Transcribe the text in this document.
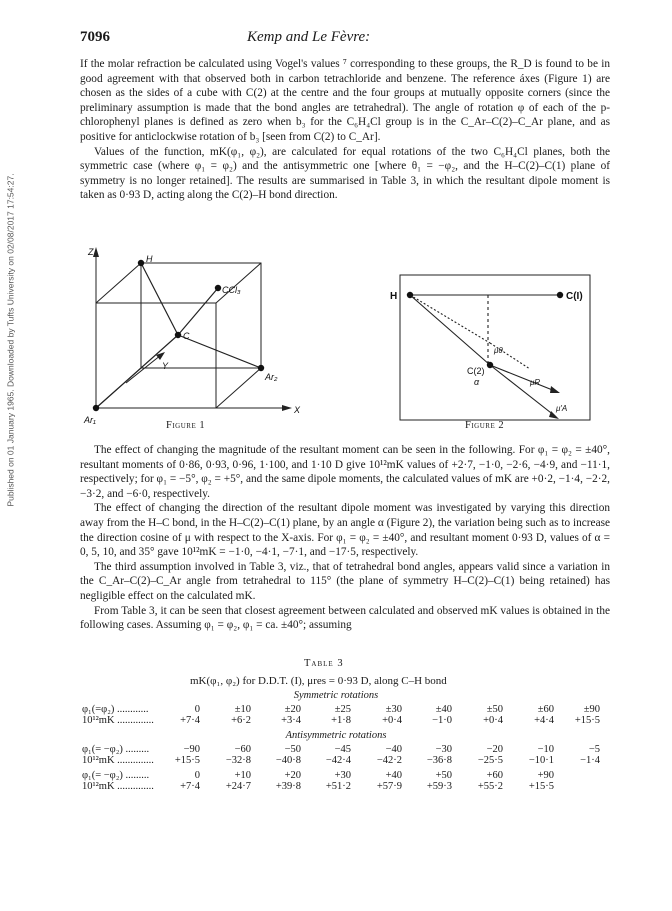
Published on 01 January 1965. Downloaded by Tufts University on 02/08/2017 17:54:27.
7096	Kemp and Le Fèvre:

If the molar refraction be calculated using Vogel's values ⁷ corresponding to these groups, the R_D is found to be in good agreement with that observed both in carbon tetrachloride and benzene. The reference áxes (Figure 1) are chosen as the sides of a cube with C(2) at the centre and the four groups at mutually opposite corners (since the preliminary assumption is made that the bond angles are tetrahedral). The angle of rotation φ of each of the p-chlorophenyl planes is defined as zero when b₃ for the C₆H₄Cl group is in the C_Ar–C(2)–C_Ar plane, and as positive for anticlockwise rotation of b₃ [seen from C(2) to C_Ar].

Values of the function, mK(φ₁, φ₂), are calculated for equal rotations of the two C₆H₄Cl planes, both the symmetric case (where φ₁ = φ₂) and the antisymmetric one [where θ₁ = −φ₂, and the H–C(2)–C(1) plane of symmetry is no longer retained]. The results are summarised in Table 3, in which the resultant dipole moment is taken as 0·93 D, acting along the C(2)–H bond direction.

Z
H
CCl₃
C
Y
Ar₂
Ar₁
X
Figure 1
H	C(I)
C(2)
α
μθ
μR
μ'A
Figure 2

The effect of changing the magnitude of the resultant moment can be seen in the following. For φ₁ = φ₂ = ±40°, resultant moments of 0·86, 0·93, 0·96, 1·100, and 1·10 D give 10¹²mK values of +2·7, −1·0, −2·6, −4·9, and −11·1, respectively; for φ₁ = −5°, φ₂ = +5°, and the same dipole moments, the calculated values of mK are +0·2, −1·4, −2·2, −3·2, and −6·0, respectively.

The effect of changing the direction of the resultant dipole moment was investigated by varying this direction away from the H–C bond, in the H–C(2)–C(1) plane, by an angle α (Figure 2), the variation being such as to increase the direction cosine of μ with respect to the X-axis. For φ₁ = φ₂ = ±40°, and resultant moment 0·93 D, values of α = 0, 5, 10, and 35° gave 10¹²mK = −1·0, −4·1, −7·1, and −17·5, respectively.

The third assumption involved in Table 3, viz., that of tetrahedral bond angles, appears valid since a variation in the C_Ar–C(2)–C_Ar angle from tetrahedral to 115° (the plane of symmetry H–C(2)–C(1) being retained) has negligible effect on the calculated mK.

From Table 3, it can be seen that closest agreement between calculated and observed mK values is obtained in the following cases. Assuming φ₁ = φ₂, φ₁ = ca. ±40°; assuming

Table 3
mK(φ₁, φ₂) for D.D.T. (I), μres = 0·93 D, along C–H bond
Symmetric rotations
Antisymmetric rotations
φ₁(=φ₂) ............	0	±10	±20	±25	±30	±40	±50	±60	±90
10¹²mK ..............	+7·4	+6·2	+3·4	+1·8	+0·4	−1·0	+0·4	+4·4	+15·5
φ₁(= −φ₂) .........	−90	−60	−50	−45	−40	−30	−20	−10	−5
10¹²mK ..............	+15·5	−32·8	−40·8	−42·4	−42·2	−36·8	−25·5	−10·1	−1·4
φ₁(= −φ₂) .........	0	+10	+20	+30	+40	+50	+60	+90
10¹²mK ..............	+7·4	+24·7	+39·8	+51·2	+57·9	+59·3	+55·2	+15·5
